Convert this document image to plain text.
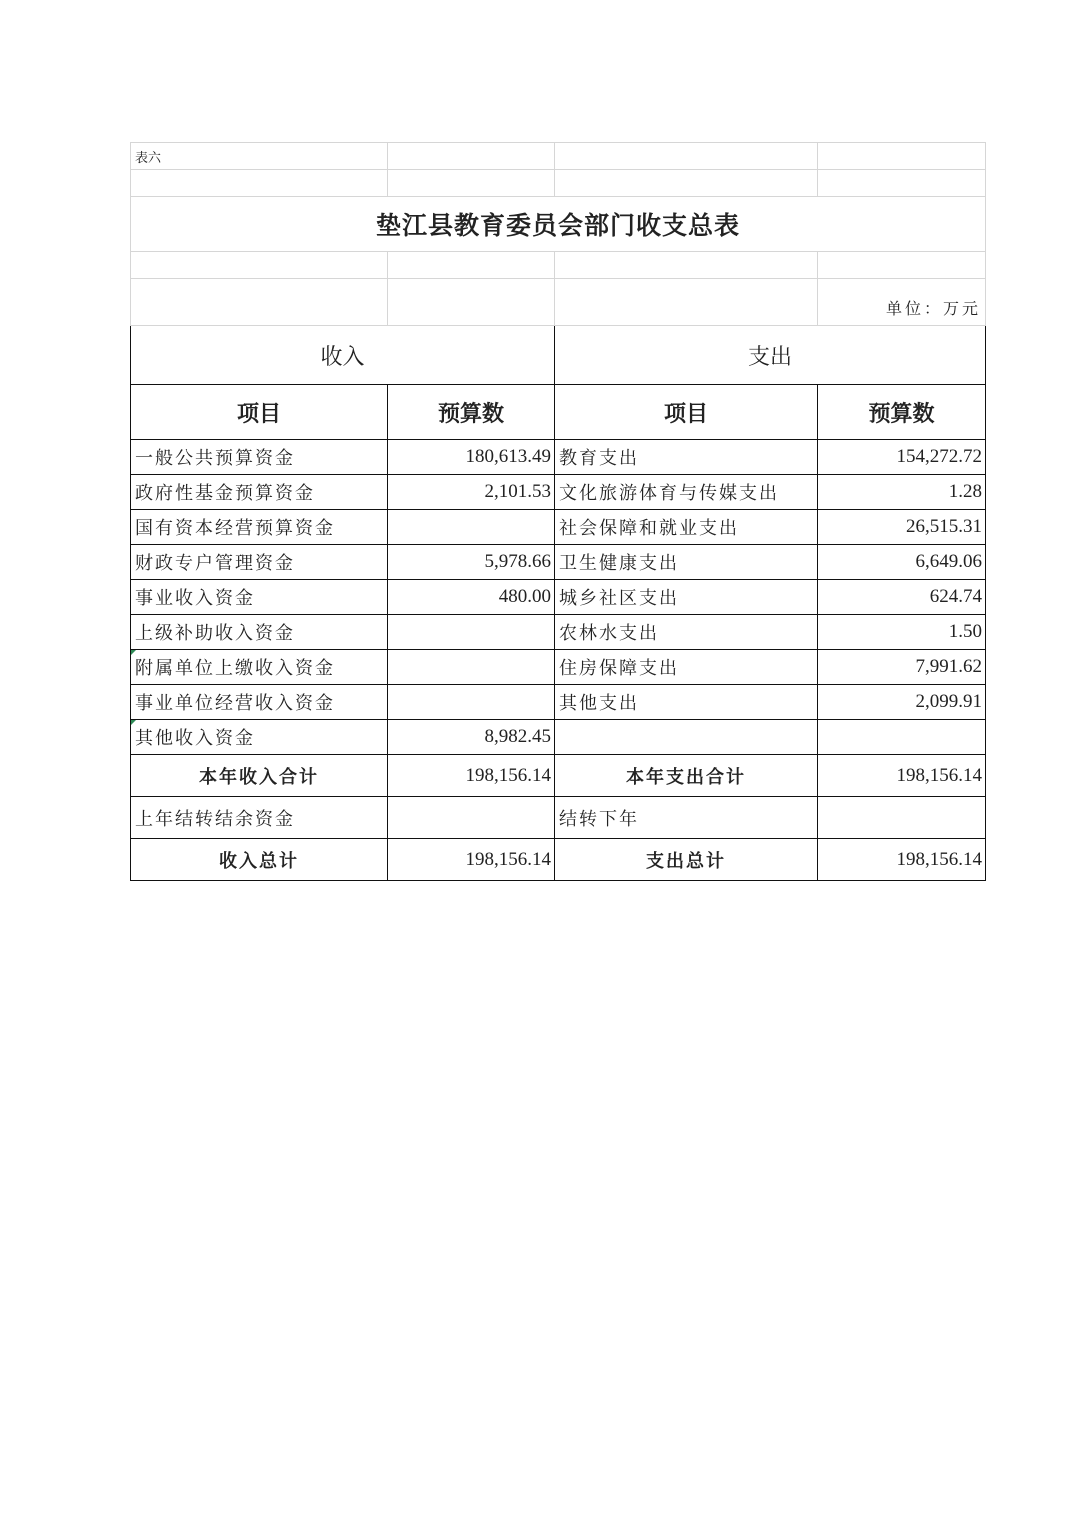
表六			

垫江县教育委员会部门收支总表			

			单位：万元
收入		支出	
项目	预算数	项目	预算数
一般公共预算资金	180,613.49	教育支出	154,272.72
政府性基金预算资金	2,101.53	文化旅游体育与传媒支出	1.28
国有资本经营预算资金		社会保障和就业支出	26,515.31
财政专户管理资金	5,978.66	卫生健康支出	6,649.06
事业收入资金	480.00	城乡社区支出	624.74
上级补助收入资金		农林水支出	1.50
附属单位上缴收入资金		住房保障支出	7,991.62
事业单位经营收入资金		其他支出	2,099.91
其他收入资金	8,982.45		
本年收入合计	198,156.14	本年支出合计	198,156.14
上年结转结余资金		结转下年	
收入总计	198,156.14	支出总计	198,156.14
